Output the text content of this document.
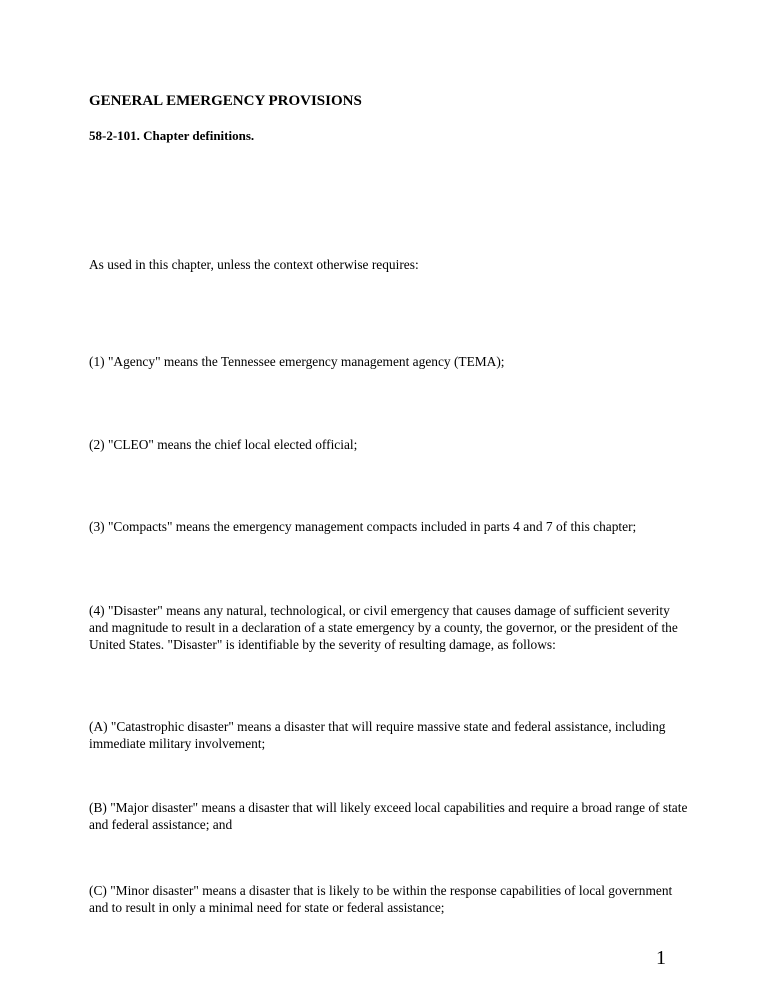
GENERAL EMERGENCY PROVISIONS
58-2-101. Chapter definitions.
As used in this chapter, unless the context otherwise requires:
(1) "Agency" means the Tennessee emergency management agency (TEMA);
(2) "CLEO" means the chief local elected official;
(3) "Compacts" means the emergency management compacts included in parts 4 and 7 of this chapter;
(4) "Disaster" means any natural, technological, or civil emergency that causes damage of sufficient severity and magnitude to result in a declaration of a state emergency by a county, the governor, or the president of the United States. "Disaster" is identifiable by the severity of resulting damage, as follows:
(A) "Catastrophic disaster" means a disaster that will require massive state and federal assistance, including immediate military involvement;
(B) "Major disaster" means a disaster that will likely exceed local capabilities and require a broad range of state and federal assistance; and
(C) "Minor disaster" means a disaster that is likely to be within the response capabilities of local government and to result in only a minimal need for state or federal assistance;
1
